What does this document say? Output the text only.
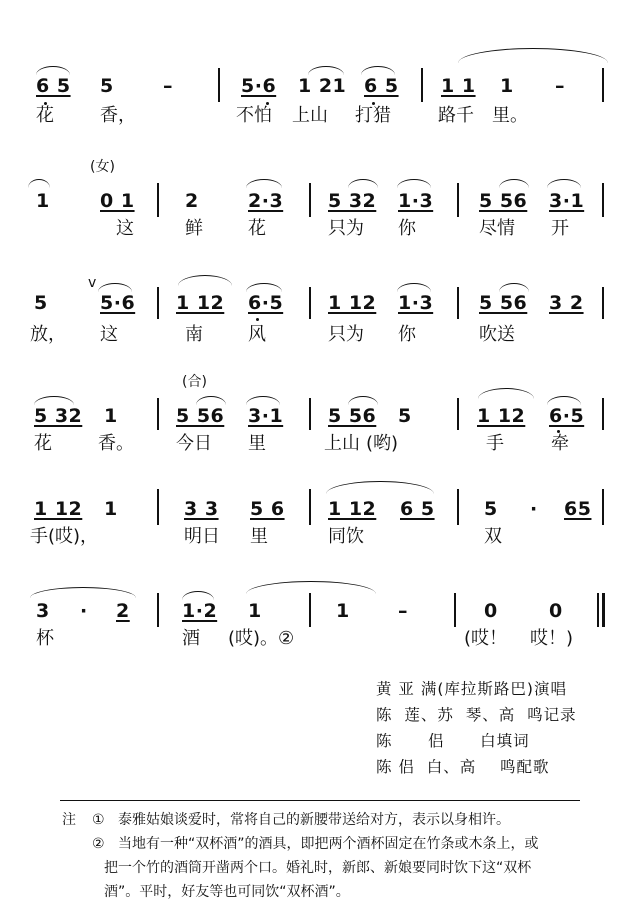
6 5 5	–	5·6 1 21 6 5 1 1 1 –
花	香，	不怕 上山 打猎	路千 里。
(女)
1	0 1	2	2·3 5 32 1·3 5 56 3·1
这	鲜	花	只为 你	尽情 开
v
5	5·6 1 12 6·5 1 12 1·3 5 56 3 2
放， 这	南	风	只为 你	吹送
(合)
5 32 1	5 56 3·1 5 56 5	1 12 6·5
花	香。 今日 里	上山 (哟)	手	牵
1 12 1	3 3 5 6 1 12 6 5	5 · 65
手(哎)，	明日 里	同饮	双
3 · 2	1·2 1	1	–	0	0
杯	酒 (哎)。②	(哎！ 哎！)
黄 亚 满(库拉斯路巴)演唱
陈  莲、苏  琴、高  鸣记录
陈      侣      白填词
陈 侣  白、高    鸣配歌
注 ① 泰雅姑娘谈爱时，常将自己的新腰带送给对方，表示以身相许。
② 当地有一种“双杯酒”的酒具，即把两个酒杯固定在竹条或木条上，或
把一个竹的酒筒开凿两个口。婚礼时，新郎、新娘要同时饮下这“双杯
酒”。平时，好友等也可同饮“双杯酒”。
